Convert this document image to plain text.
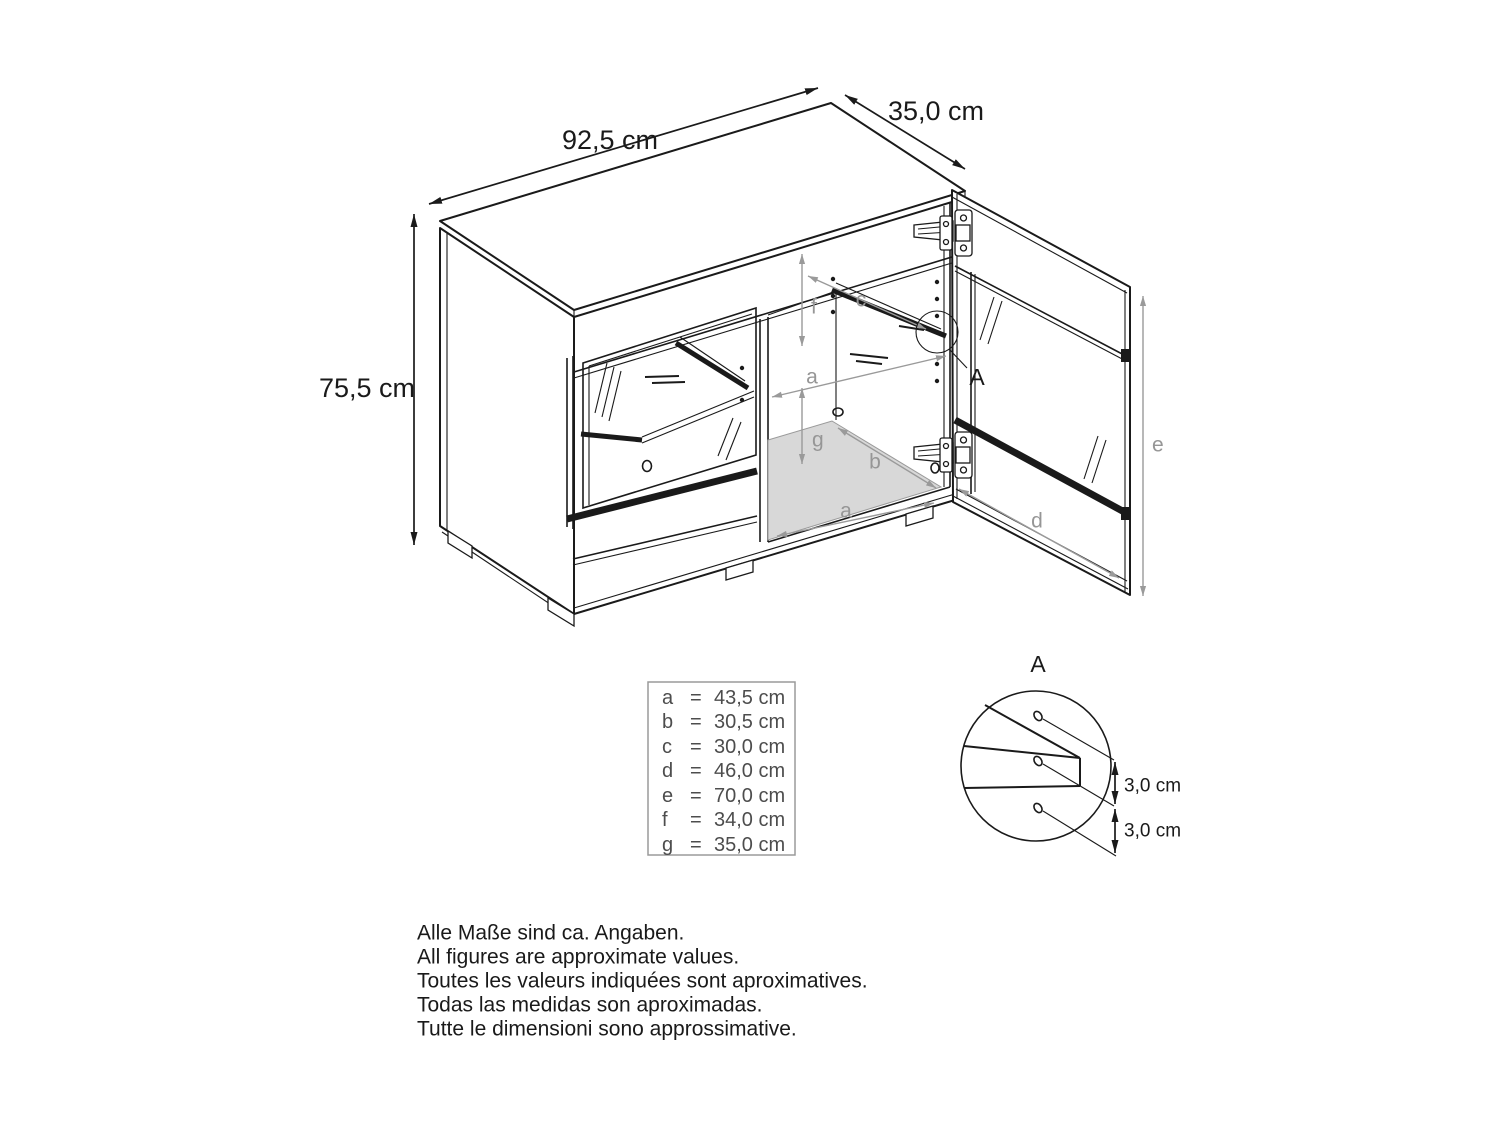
f c
a
g
b
a	d
A
92,5 cm
35,0 cm
75,5 cm
e
a = 43,5 cm
b = 30,5 cm
c = 30,0 cm
d = 46,0 cm
e = 70,0 cm
f = 34,0 cm
g = 35,0 cm
A
3,0 cm
3,0 cm
Alle Maße sind ca. Angaben.
All figures are approximate values.
Toutes les valeurs indiquées sont aproximatives.
Todas las medidas son aproximadas.
Tutte le dimensioni sono approssimative.
